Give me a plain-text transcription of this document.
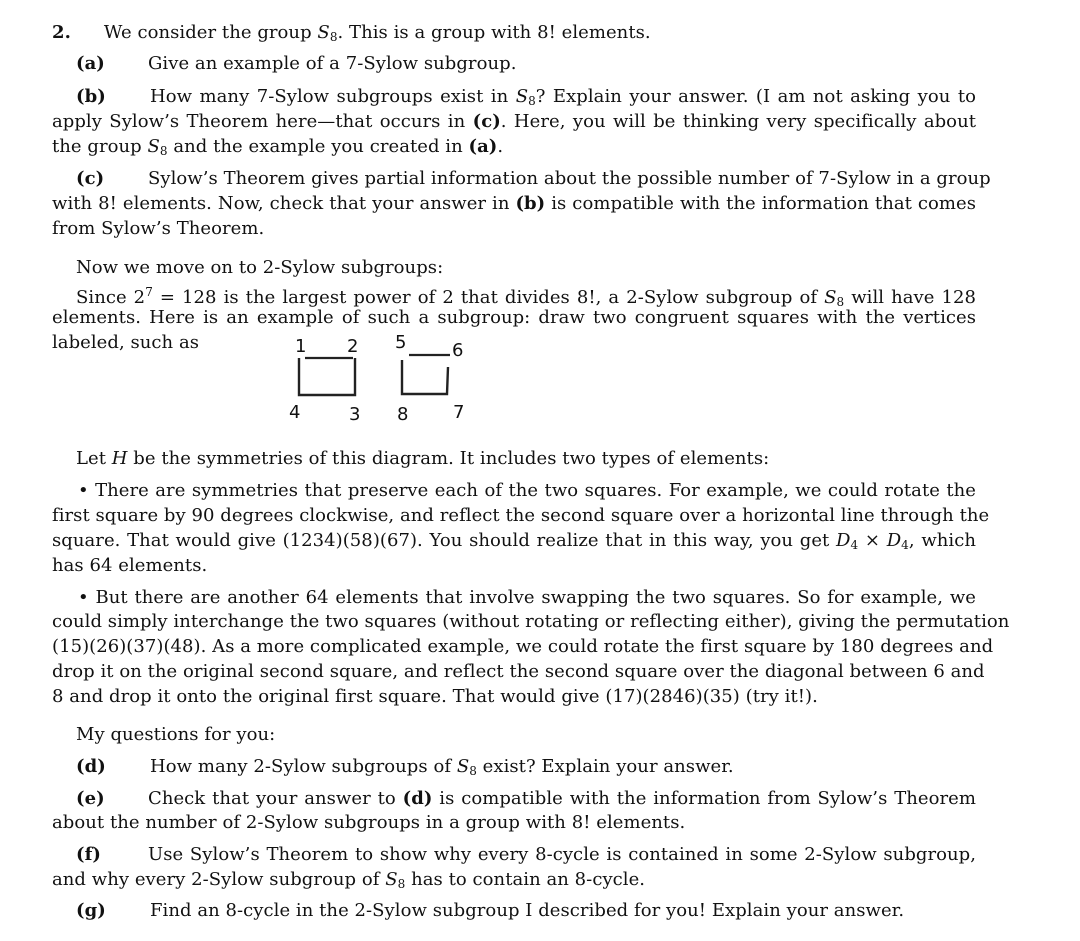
2. We consider the group $S_8$. This is a group with 8! elements.
(a) Give an example of a 7-Sylow subgroup.
(b) How many 7-Sylow subgroups exist in $S_8$? Explain your answer. (I am not asking you to
apply Sylow’s Theorem here—that occurs in (c). Here, you will be thinking very specifically about
the group $S_8$ and the example you created in (a).
(c) Sylow’s Theorem gives partial information about the possible number of 7-Sylow in a group
with 8! elements. Now, check that your answer in (b) is compatible with the information that comes
from Sylow’s Theorem.
Now we move on to 2-Sylow subgroups:
Since $2^7 = 128$ is the largest power of 2 that divides 8!, a 2-Sylow subgroup of $S_8$ will have 128
elements. Here is an example of such a subgroup: draw two congruent squares with the vertices
labeled, such as	1 2
4	3
5	6
8 7
Let H be the symmetries of this diagram. It includes two types of elements:
• There are symmetries that preserve each of the two squares. For example, we could rotate the
first square by 90 degrees clockwise, and reflect the second square over a horizontal line through the
square. That would give (1234)(58)(67). You should realize that in this way, you get $D_4 \times D_4$, which
has 64 elements.
• But there are another 64 elements that involve swapping the two squares. So for example, we
could simply interchange the two squares (without rotating or reflecting either), giving the permutation
(15)(26)(37)(48). As a more complicated example, we could rotate the first square by 180 degrees and
drop it on the original second square, and reflect the second square over the diagonal between 6 and
8 and drop it onto the original first square. That would give (17)(2846)(35) (try it!).
My questions for you:
(d) How many 2-Sylow subgroups of $S_8$ exist? Explain your answer.
(e) Check that your answer to (d) is compatible with the information from Sylow’s Theorem
about the number of 2-Sylow subgroups in a group with 8! elements.
(f)	Use Sylow’s Theorem to show why every 8-cycle is contained in some 2-Sylow subgroup,
and why every 2-Sylow subgroup of $S_8$ has to contain an 8-cycle.
(g) Find an 8-cycle in the 2-Sylow subgroup I described for you! Explain your answer.
